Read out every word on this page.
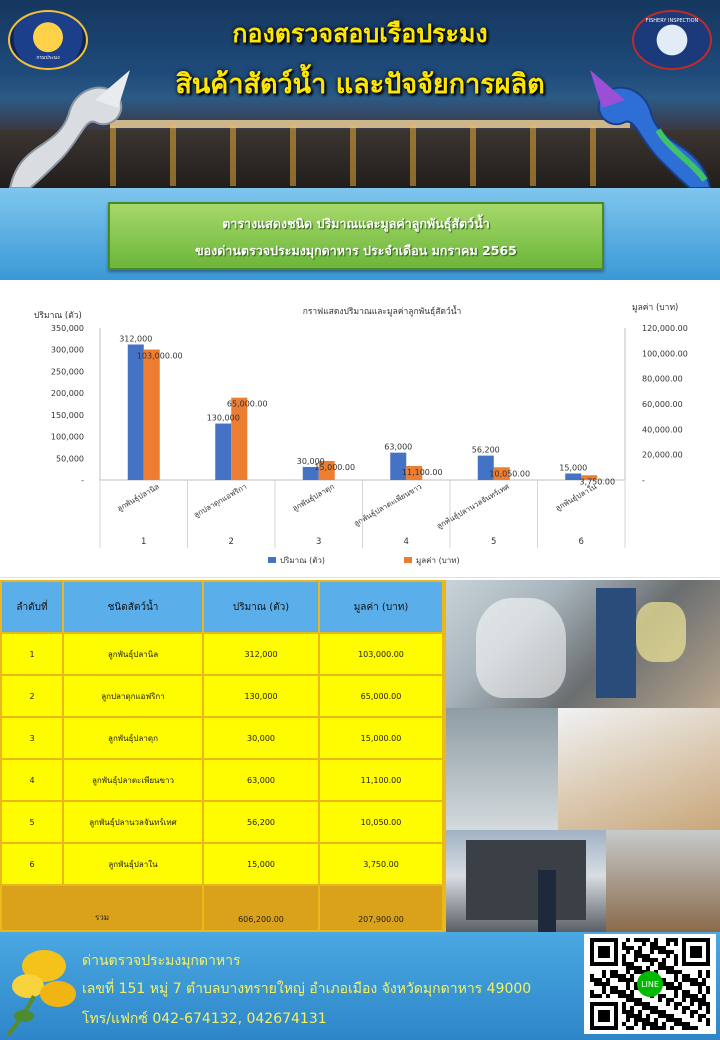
กรมประมง
FISHERY INSPECTION
กองตรวจสอบเรือประมง
สินค้าสัตว์น้ำ และปัจจัยการผลิต
ตารางแสดงชนิด ปริมาณและมูลค่าลูกพันธุ์สัตว์น้ำ
ของด่านตรวจประมงมุกดาหาร ประจำเดือน มกราคม 2565
กราฟแสดงปริมาณและมูลค่าลูกพันธุ์สัตว์น้ำ
ปริมาณ (ตัว)
มูลค่า (บาท)
-
50,000
100,000
150,000
200,000
250,000
300,000
350,000
-
20,000.00
40,000.00
60,000.00
80,000.00
100,000.00
120,000.00
312,000
103,000.00
ลูกพันธุ์ปลานิล
1
130,000
65,000.00
ลูกปลาดุกแอฟริกา
2
30,000
15,000.00
ลูกพันธุ์ปลาดุก
3
63,000
11,100.00
ลูกพันธุ์ปลาตะเพียนขาว
4
56,200
10,050.00
ลูกพันธุ์ปลานวลจันทร์เทศ
5
15,000
3,750.00
ลูกพันธุ์ปลาใน
6
ปริมาณ (ตัว)	มูลค่า (บาท)
ลำดับที่	ชนิดสัตว์น้ำ	ปริมาณ (ตัว)	มูลค่า (บาท)
1	ลูกพันธุ์ปลานิล	312,000	103,000.00
2	ลูกปลาดุกแอฟริกา	130,000	65,000.00
3	ลูกพันธุ์ปลาดุก	30,000	15,000.00
4	ลูกพันธุ์ปลาตะเพียนขาว	63,000	11,100.00
5	ลูกพันธุ์ปลานวลจันทร์เทศ	56,200	10,050.00
6	ลูกพันธุ์ปลาใน	15,000	3,750.00
รวม	606,200.00	207,900.00
ด่านตรวจประมงมุกดาหาร
เลขที่ 151 หมู่ 7 ตำบลบางทรายใหญ่ อำเภอเมือง จังหวัดมุกดาหาร 49000
โทร/แฟกซ์ 042-674132, 042674131
LINE
